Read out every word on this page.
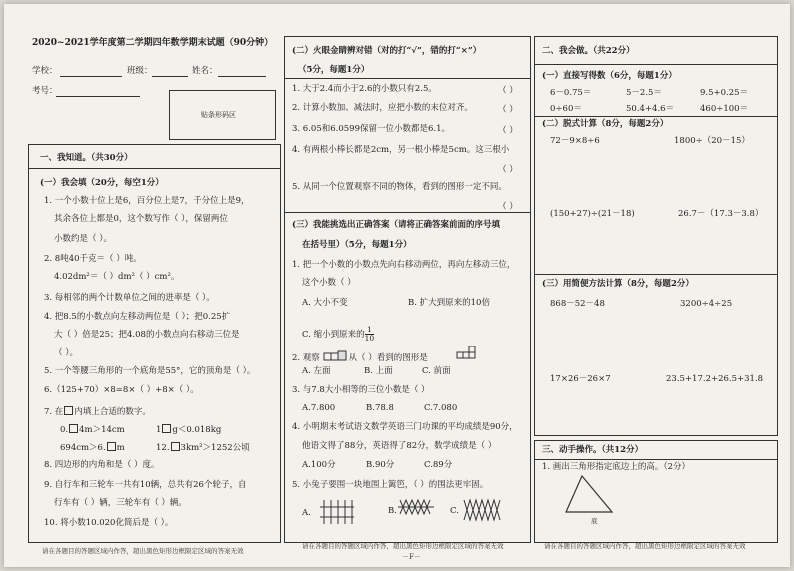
2020~2021学年度第二学期四年数学期末试题（90分钟）
学校：	班级：	姓名：
考号：
贴条形码区
一、我知道。（共30分）
(一）我会填（20分，每空1分）
1. 一个小数十位上是6，百分位上是7，千分位上是9，
其余各位上都是0，这个数写作（ ），保留两位
小数约是（ ）。
2. 8吨40千克＝（ ）吨。
4.02dm²＝（ ）dm²（ ）cm²。
3. 每相邻的两个计数单位之间的进率是（ ）。
4. 把8.5的小数点向左移动两位是（ ）；把0.25扩
大（ ）倍是25；把4.08的小数点向右移动三位是
（ ）。
5. 一个等腰三角形的一个底角是55°，它的顶角是（ ）。
6.（125+70）×8=8×（ ）+8×（ ）。
7. 在 内填上合适的数字。
0. 4m＞14cm	1 g＜0.018kg
694cm＞6. m	12. 3km²＞1252公顷
8. 四边形的内角和是（ ）度。
9. 自行车和三轮车一共有10辆，总共有26个轮子，自
行车有（ ）辆，三轮车有（ ）辆。
10. 将小数10.020化简后是（ ）。
请在各题目的答题区域内作答，超出黑色矩形边框限定区域的答案无效
(二）火眼金睛辨对错（对的打“√”，错的打“×”）
（5分，每题1分）
1. 大于2.4而小于2.6的小数只有2.5。	（ ）
2. 计算小数加、减法时，应把小数的末位对齐。	（ ）
3. 6.05和6.0599保留一位小数都是6.1。	（ ）
4. 有两根小棒长都是2cm，另一根小棒是5cm。这三根小
（ ）
5. 从同一个位置观察不同的物体，看到的图形一定不同。
（ ）
(三）我能挑选出正确答案（请将正确答案前面的序号填
在括号里）（5分，每题1分）
1. 把一个小数的小数点先向右移动两位，再向左移动三位，
这个小数（ ）
A. 大小不变	B. 扩大到原来的10倍
C. 缩小到原来的 $\frac{1}{10}$
2. 观察	从（ ）看到的图形是
A. 左面	B. 上面	C. 前面
3. 与7.8大小相等的三位小数是（ ）
A.7.800	B.78.8	C.7.080
4. 小明期末考试语文数学英语三门功课的平均成绩是90分，
他语文得了88分，英语得了82分，数学成绩是（ ）
A.100分	B.90分	C.89分
5. 小兔子要围一块地围上篱笆，（ ）的围法更牢固。
A.	B.	C.
请在各题目的答题区域内作答，超出黑色矩形边框限定区域的答案无效
－F－
二、我会做。（共22分）
(一）直接写得数（6分，每题1分）
6－0.75＝	5－2.5＝	9.5+0.25＝
0÷60＝	50.4+4.6＝	460÷100＝
(二）脱式计算（8分，每题2分）
72－9×8÷6	1800÷（20－15）
(150+27)÷(21－18)	26.7－（17.3－3.8）
(三）用简便方法计算（8分，每题2分）
868－52－48	3200÷4÷25
17×26－26×7	23.5+17.2+26.5+31.8
三、动手操作。（共12分）
1. 画出三角形指定底边上的高。（2分）
底
请在各题目的答题区域内作答，超出黑色矩形边框限定区域的答案无效
